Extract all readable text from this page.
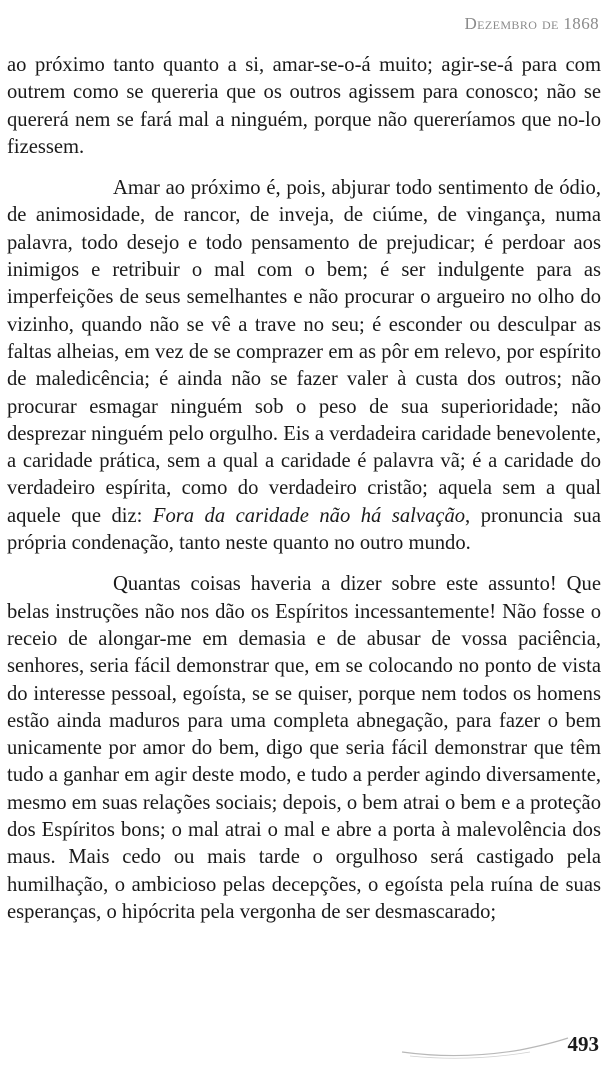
Dezembro de 1868

ao próximo tanto quanto a si, amar-se-o-á muito; agir-se-á para com outrem como se quereria que os outros agissem para conosco; não se quererá nem se fará mal a ninguém, porque não quereríamos que no-lo fizessem.

Amar ao próximo é, pois, abjurar todo sentimento de ódio, de animosidade, de rancor, de inveja, de ciúme, de vingança, numa palavra, todo desejo e todo pensamento de prejudicar; é perdoar aos inimigos e retribuir o mal com o bem; é ser indulgente para as imperfeições de seus semelhantes e não procurar o argueiro no olho do vizinho, quando não se vê a trave no seu; é esconder ou desculpar as faltas alheias, em vez de se comprazer em as pôr em relevo, por espírito de maledicência; é ainda não se fazer valer à custa dos outros; não procurar esmagar ninguém sob o peso de sua superioridade; não desprezar ninguém pelo orgulho. Eis a verdadeira caridade benevolente, a caridade prática, sem a qual a caridade é palavra vã; é a caridade do verdadeiro espírita, como do verdadeiro cristão; aquela sem a qual aquele que diz: Fora da caridade não há salvação, pronuncia sua própria condenação, tanto neste quanto no outro mundo.

Quantas coisas haveria a dizer sobre este assunto! Que belas instruções não nos dão os Espíritos incessantemente! Não fosse o receio de alongar-me em demasia e de abusar de vossa paciência, senhores, seria fácil demonstrar que, em se colocando no ponto de vista do interesse pessoal, egoísta, se se quiser, porque nem todos os homens estão ainda maduros para uma completa abnegação, para fazer o bem unicamente por amor do bem, digo que seria fácil demonstrar que têm tudo a ganhar em agir deste modo, e tudo a perder agindo diversamente, mesmo em suas relações sociais; depois, o bem atrai o bem e a proteção dos Espíritos bons; o mal atrai o mal e abre a porta à malevolência dos maus. Mais cedo ou mais tarde o orgulhoso será castigado pela humilhação, o ambicioso pelas decepções, o egoísta pela ruína de suas esperanças, o hipócrita pela vergonha de ser desmascarado;

493
